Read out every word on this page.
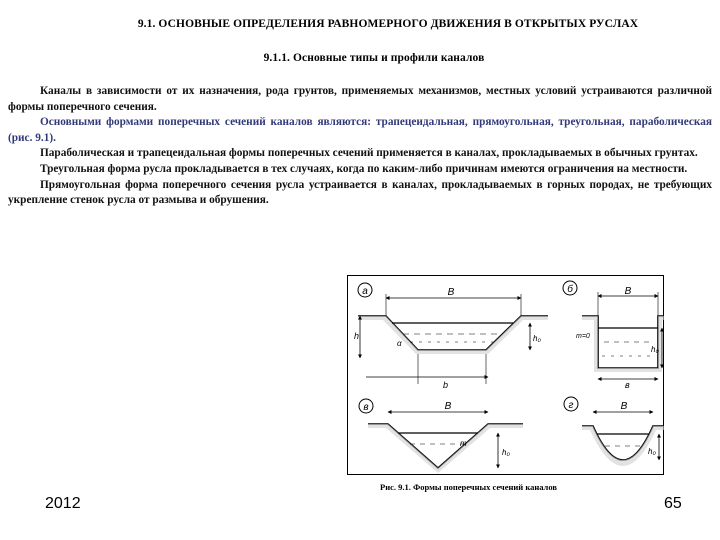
9.1. ОСНОВНЫЕ ОПРЕДЕЛЕНИЯ РАВНОМЕРНОГО ДВИЖЕНИЯ В ОТКРЫТЫХ РУСЛАХ
9.1.1. Основные типы и профили каналов

Каналы в зависимости от их назначения, рода грунтов, применяемых механизмов, местных условий устраиваются различной формы поперечного сечения.

Основными формами поперечных сечений каналов являются: трапецеидальная, прямоугольная, треугольная, параболическая (рис. 9.1).

Параболическая и трапецеидальная формы поперечных сечений применяется в каналах, прокладываемых в обычных грунтах.

Треугольная форма русла прокладывается в тех случаях, когда по каким-либо причинам имеются ограничения на местности.

Прямоугольная форма поперечного сечения русла устраивается в каналах, прокладываемых в горных породах, не требующих укрепление стенок русла от размыва и обрушения.

а	B
h	h₀
α
b
б	B
m=0
h₀
в
в	B
m
h₀
г	B
h₀
Рис. 9.1. Формы поперечных сечений каналов
2012	65
